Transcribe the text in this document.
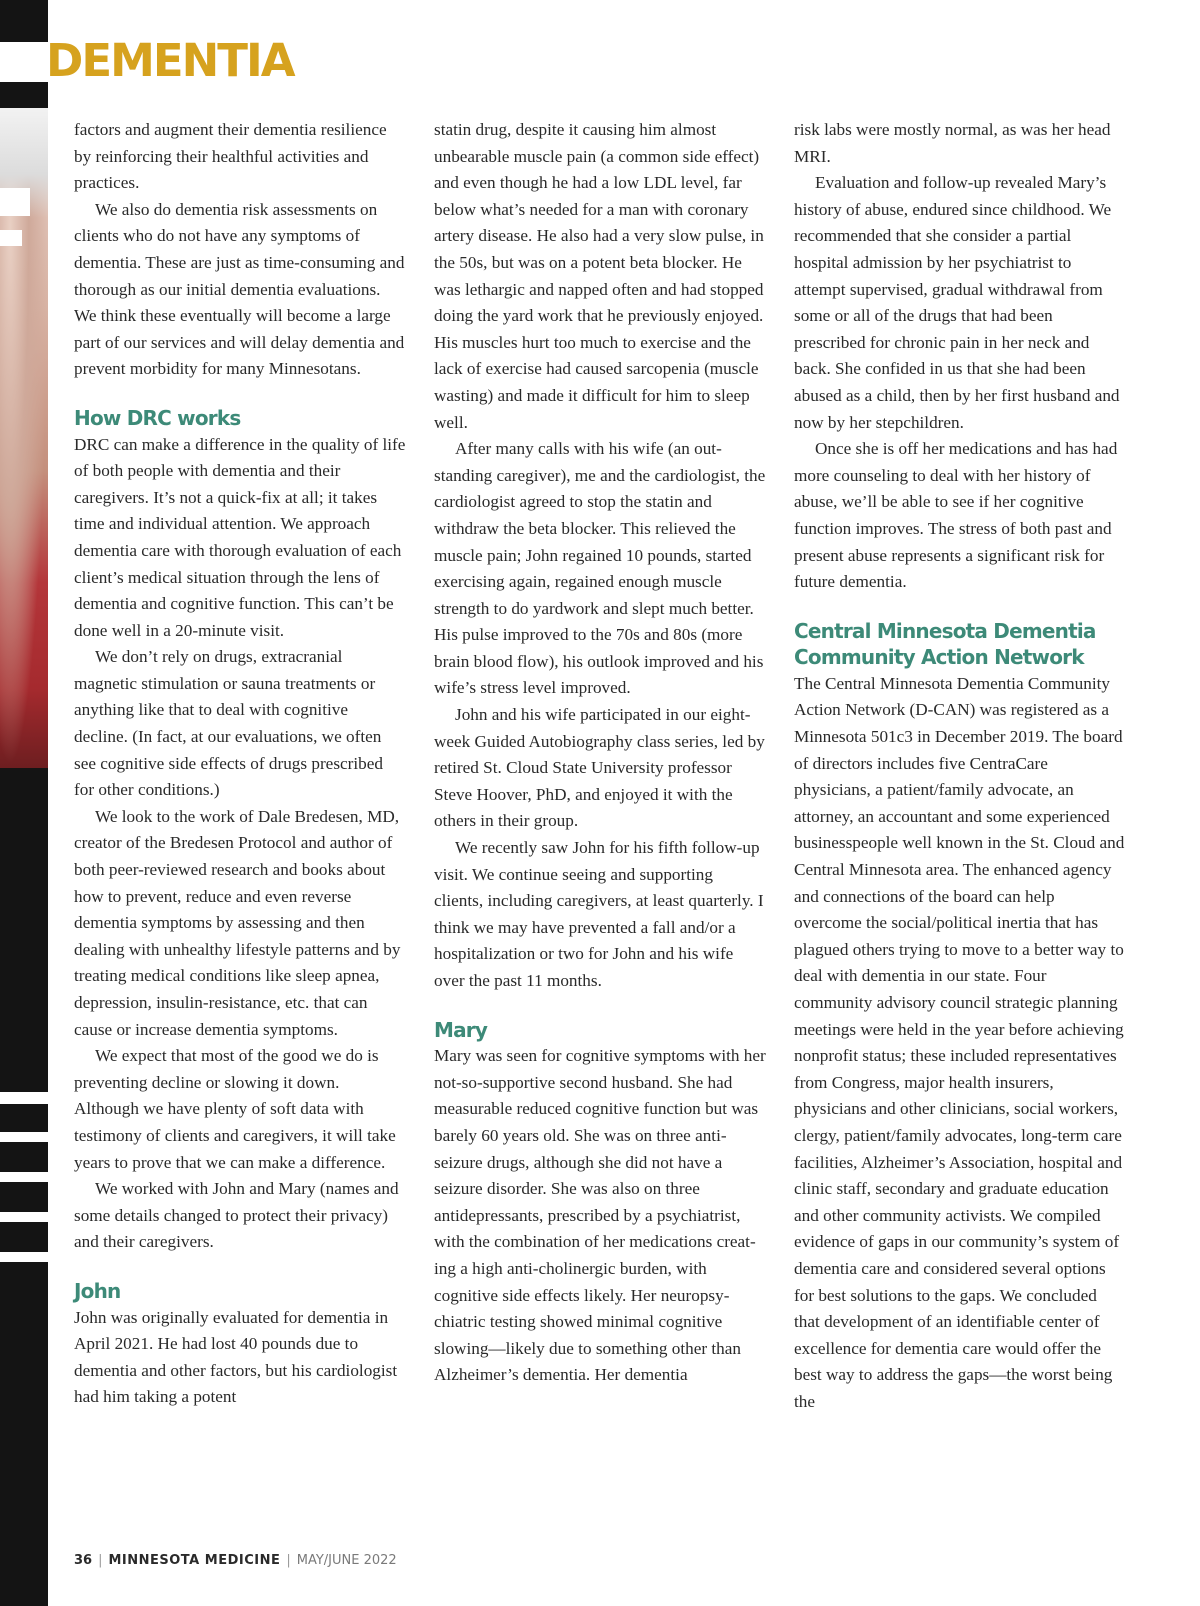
DEMENTIA

factors and augment their dementia resilience by reinforcing their healthful activities and practices.

We also do dementia risk assessments on clients who do not have any symptoms of dementia. These are just as time-consuming and thorough as our initial dementia evaluations. We think these eventually will become a large part of our services and will delay dementia and prevent morbidity for many Minnesotans.

How DRC works

DRC can make a difference in the quality of life of both people with dementia and their caregivers. It’s not a quick-fix at all; it takes time and individual attention. We approach dementia care with thorough evaluation of each client’s medical situation through the lens of dementia and cognitive function. This can’t be done well in a 20-minute visit.

We don’t rely on drugs, extracranial magnetic stimulation or sauna treatments or anything like that to deal with cognitive decline. (In fact, at our evaluations, we often see cognitive side effects of drugs prescribed for other conditions.)

We look to the work of Dale Bredesen, MD, creator of the Bredesen Protocol and author of both peer-reviewed research and books about how to prevent, reduce and even reverse dementia symptoms by assessing and then dealing with unhealthy lifestyle patterns and by treating medical conditions like sleep apnea, depression, insulin-resistance, etc. that can cause or increase dementia symptoms.

We expect that most of the good we do is preventing decline or slowing it down. Although we have plenty of soft data with testimony of clients and caregivers, it will take years to prove that we can make a difference.

We worked with John and Mary (names and some details changed to protect their privacy) and their caregivers.

John

John was originally evaluated for dementia in April 2021. He had lost 40 pounds due to dementia and other factors, but his cardiologist had him taking a potent

statin drug, despite it causing him almost unbearable muscle pain (a common side effect) and even though he had a low LDL level, far below what’s needed for a man with coronary artery disease. He also had a very slow pulse, in the 50s, but was on a potent beta blocker. He was lethargic and napped often and had stopped doing the yard work that he previously enjoyed. His muscles hurt too much to exercise and the lack of exercise had caused sarcopenia (muscle wasting) and made it difficult for him to sleep well.

After many calls with his wife (an outstanding caregiver), me and the cardiologist, the cardiologist agreed to stop the statin and withdraw the beta blocker. This relieved the muscle pain; John regained 10 pounds, started exercising again, regained enough muscle strength to do yardwork and slept much better. His pulse improved to the 70s and 80s (more brain blood flow), his outlook improved and his wife’s stress level improved.

John and his wife participated in our eight-week Guided Autobiography class series, led by retired St. Cloud State University professor Steve Hoover, PhD, and enjoyed it with the others in their group.

We recently saw John for his fifth follow-up visit. We continue seeing and supporting clients, including caregivers, at least quarterly. I think we may have prevented a fall and/or a hospitalization or two for John and his wife over the past 11 months.

Mary

Mary was seen for cognitive symptoms with her not-so-supportive second husband. She had measurable reduced cognitive function but was barely 60 years old. She was on three anti-seizure drugs, although she did not have a seizure disorder. She was also on three antidepressants, prescribed by a psychiatrist, with the combination of her medications creating a high anti-cholinergic burden, with cognitive side effects likely. Her neuropsychiatric testing showed minimal cognitive slowing—likely due to something other than Alzheimer’s dementia. Her dementia

risk labs were mostly normal, as was her head MRI.

Evaluation and follow-up revealed Mary’s history of abuse, endured since childhood. We recommended that she consider a partial hospital admission by her psychiatrist to attempt supervised, gradual withdrawal from some or all of the drugs that had been prescribed for chronic pain in her neck and back. She confided in us that she had been abused as a child, then by her first husband and now by her stepchildren.

Once she is off her medications and has had more counseling to deal with her history of abuse, we’ll be able to see if her cognitive function improves. The stress of both past and present abuse represents a significant risk for future dementia.

Central Minnesota Dementia Community Action Network

The Central Minnesota Dementia Community Action Network (D-CAN) was registered as a Minnesota 501c3 in December 2019. The board of directors includes five CentraCare physicians, a patient/family advocate, an attorney, an accountant and some experienced businesspeople well known in the St. Cloud and Central Minnesota area. The enhanced agency and connections of the board can help overcome the social/political inertia that has plagued others trying to move to a better way to deal with dementia in our state. Four community advisory council strategic planning meetings were held in the year before achieving nonprofit status; these included representatives from Congress, major health insurers, physicians and other clinicians, social workers, clergy, patient/family advocates, long-term care facilities, Alzheimer’s Association, hospital and clinic staff, secondary and graduate education and other community activists. We compiled evidence of gaps in our community’s system of dementia care and considered several options for best solutions to the gaps. We concluded that development of an identifiable center of excellence for dementia care would offer the best way to address the gaps—the worst being the

36 | MINNESOTA MEDICINE | MAY/JUNE 2022
